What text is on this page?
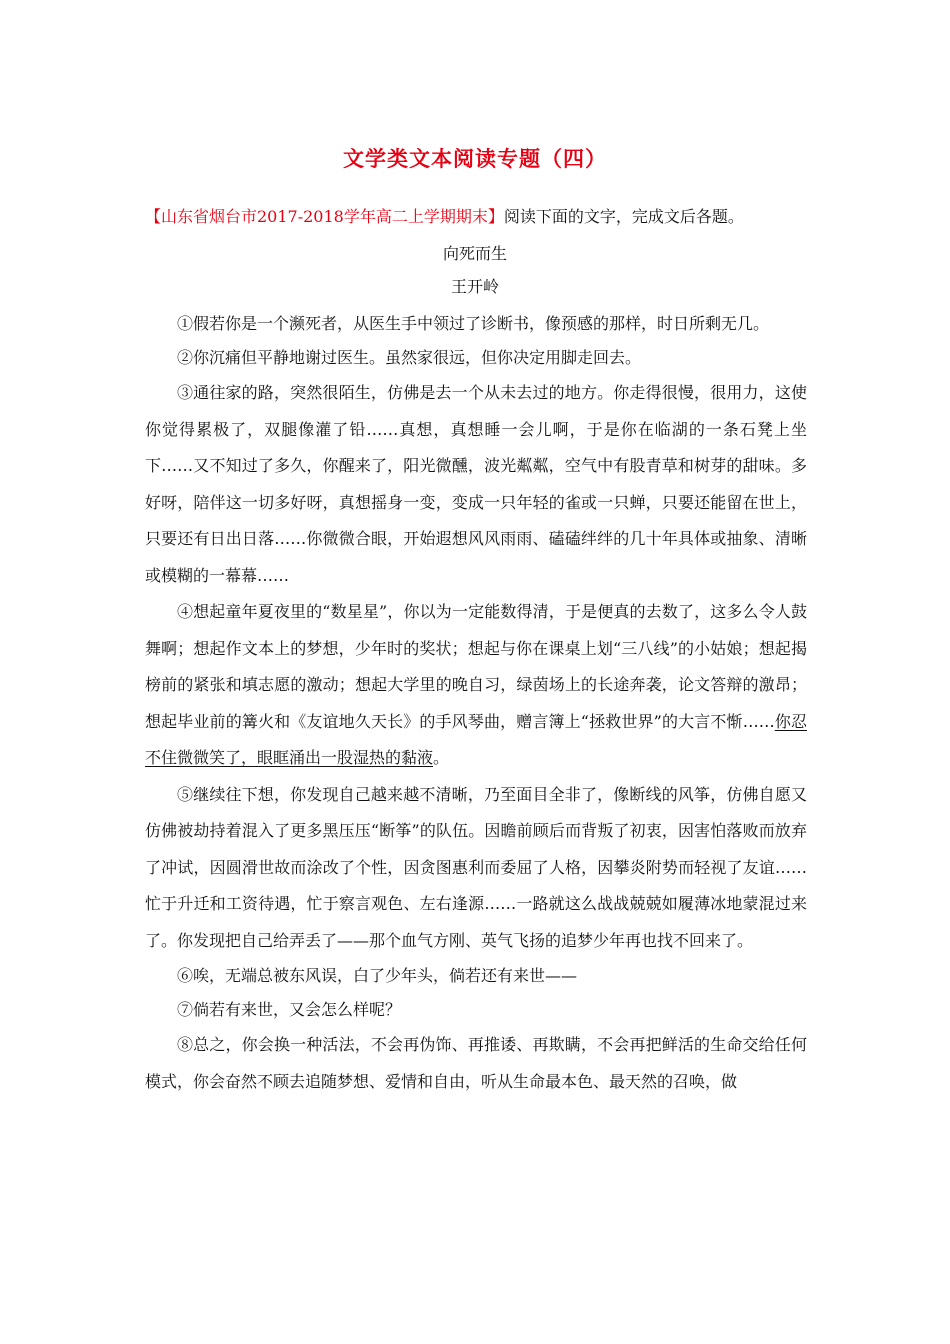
文学类文本阅读专题（四）

【山东省烟台市2017-2018学年高二上学期期末】阅读下面的文字，完成文后各题。

向死而生

王开岭

①假若你是一个濒死者，从医生手中领过了诊断书，像预感的那样，时日所剩无几。

②你沉痛但平静地谢过医生。虽然家很远，但你决定用脚走回去。

③通往家的路，突然很陌生，仿佛是去一个从未去过的地方。你走得很慢，很用力，这使你觉得累极了，双腿像灌了铅……真想，真想睡一会儿啊，于是你在临湖的一条石凳上坐下……又不知过了多久，你醒来了，阳光微醺，波光粼粼，空气中有股青草和树芽的甜味。多好呀，陪伴这一切多好呀，真想摇身一变，变成一只年轻的雀或一只蝉，只要还能留在世上，只要还有日出日落……你微微合眼，开始遐想风风雨雨、磕磕绊绊的几十年具体或抽象、清晰或模糊的一幕幕……

④想起童年夏夜里的“数星星”，你以为一定能数得清，于是便真的去数了，这多么令人鼓舞啊；想起作文本上的梦想，少年时的奖状；想起与你在课桌上划“三八线”的小姑娘；想起揭榜前的紧张和填志愿的激动；想起大学里的晚自习，绿茵场上的长途奔袭，论文答辩的激昂；想起毕业前的篝火和《友谊地久天长》的手风琴曲，赠言簿上“拯救世界”的大言不惭……你忍不住微微笑了，眼眶涌出一股湿热的黏液。

⑤继续往下想，你发现自己越来越不清晰，乃至面目全非了，像断线的风筝，仿佛自愿又仿佛被劫持着混入了更多黑压压“断筝”的队伍。因瞻前顾后而背叛了初衷，因害怕落败而放弃了冲试，因圆滑世故而涂改了个性，因贪图惠利而委屈了人格，因攀炎附势而轻视了友谊……忙于升迁和工资待遇，忙于察言观色、左右逢源……一路就这么战战兢兢如履薄冰地蒙混过来了。你发现把自己给弄丢了——那个血气方刚、英气飞扬的追梦少年再也找不回来了。

⑥唉，无端总被东风误，白了少年头，倘若还有来世——

⑦倘若有来世，又会怎么样呢？

⑧总之，你会换一种活法，不会再伪饰、再推诿、再欺瞒，不会再把鲜活的生命交给任何模式，你会奋然不顾去追随梦想、爱情和自由，听从生命最本色、最天然的召唤，做
